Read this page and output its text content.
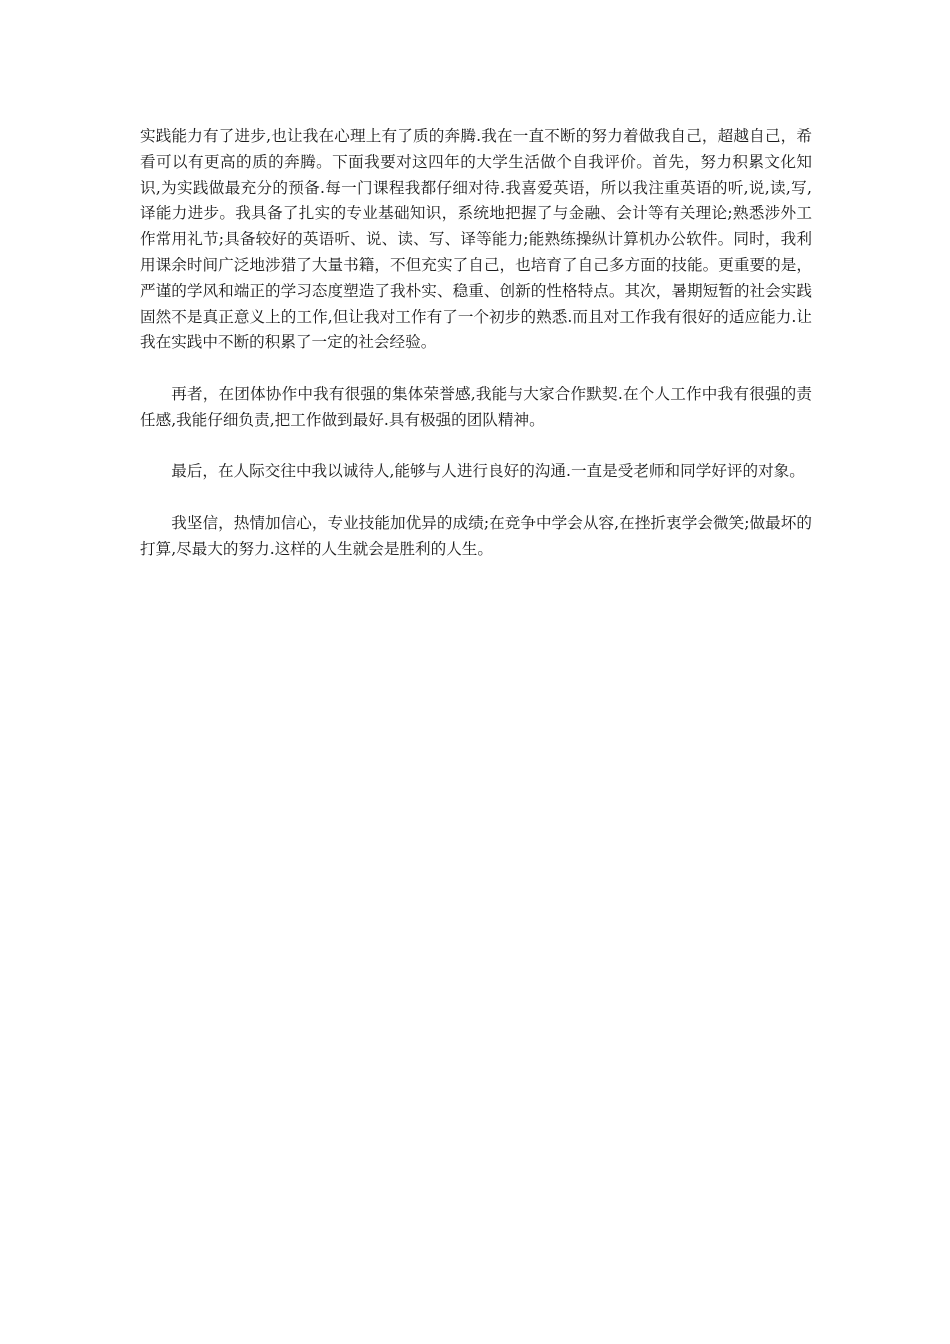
实践能力有了进步,也让我在心理上有了质的奔腾.我在一直不断的努力着做我自己，超越自己，希看可以有更高的质的奔腾。下面我要对这四年的大学生活做个自我评价。首先，努力积累文化知识,为实践做最充分的预备.每一门课程我都仔细对待.我喜爱英语，所以我注重英语的听,说,读,写,译能力进步。我具备了扎实的专业基础知识，系统地把握了与金融、会计等有关理论;熟悉涉外工作常用礼节;具备较好的英语听、说、读、写、译等能力;能熟练操纵计算机办公软件。同时，我利用课余时间广泛地涉猎了大量书籍，不但充实了自己，也培育了自己多方面的技能。更重要的是，严谨的学风和端正的学习态度塑造了我朴实、稳重、创新的性格特点。其次，暑期短暂的社会实践固然不是真正意义上的工作,但让我对工作有了一个初步的熟悉.而且对工作我有很好的适应能力.让我在实践中不断的积累了一定的社会经验。

再者，在团体协作中我有很强的集体荣誉感,我能与大家合作默契.在个人工作中我有很强的责任感,我能仔细负责,把工作做到最好.具有极强的团队精神。

最后，在人际交往中我以诚待人,能够与人进行良好的沟通.一直是受老师和同学好评的对象。

我坚信，热情加信心，专业技能加优异的成绩;在竞争中学会从容,在挫折衷学会微笑;做最坏的打算,尽最大的努力.这样的人生就会是胜利的人生。
